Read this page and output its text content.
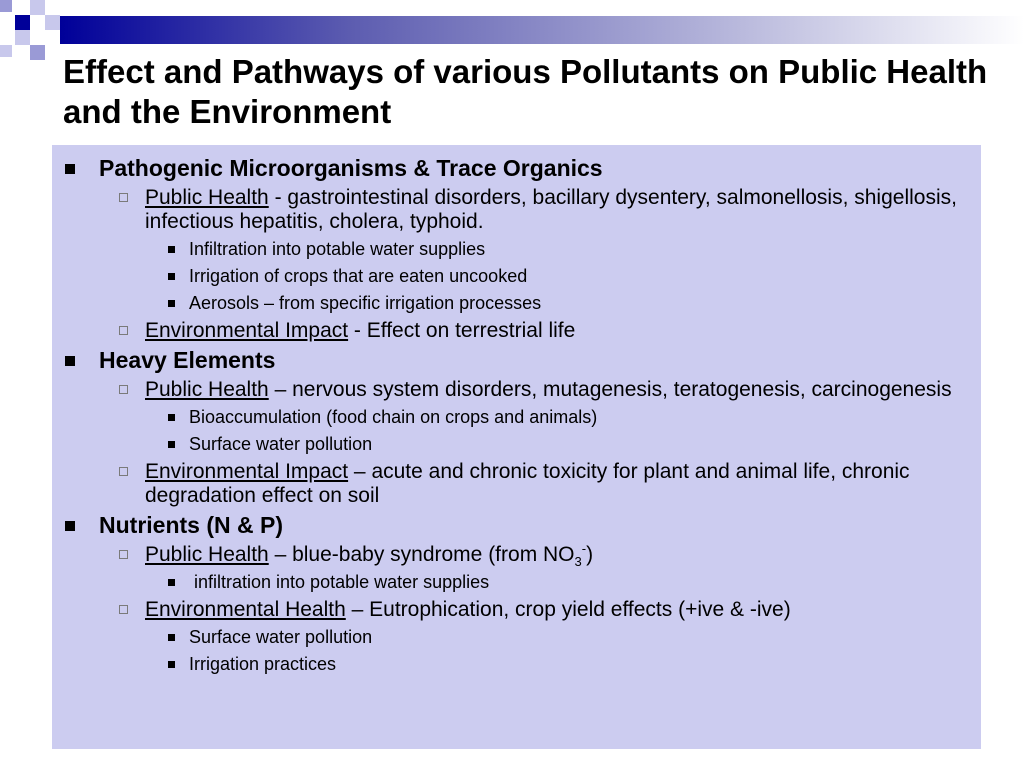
Effect and Pathways of various Pollutants on Public Health and the Environment
Pathogenic Microorganisms & Trace Organics
Public Health - gastrointestinal disorders, bacillary dysentery, salmonellosis, shigellosis, infectious hepatitis, cholera, typhoid.
Infiltration into potable water supplies
Irrigation of crops that are eaten uncooked
Aerosols – from specific irrigation processes
Environmental Impact - Effect on terrestrial life
Heavy Elements
Public Health – nervous system disorders, mutagenesis, teratogenesis, carcinogenesis
Bioaccumulation (food chain on crops and animals)
Surface water pollution
Environmental Impact – acute and chronic toxicity for plant and animal life, chronic degradation effect on soil
Nutrients (N & P)
Public Health – blue-baby syndrome (from $NO_3^-$)
infiltration into potable water supplies
Environmental Health – Eutrophication, crop yield effects (+ive & -ive)
Surface water pollution
Irrigation practices
